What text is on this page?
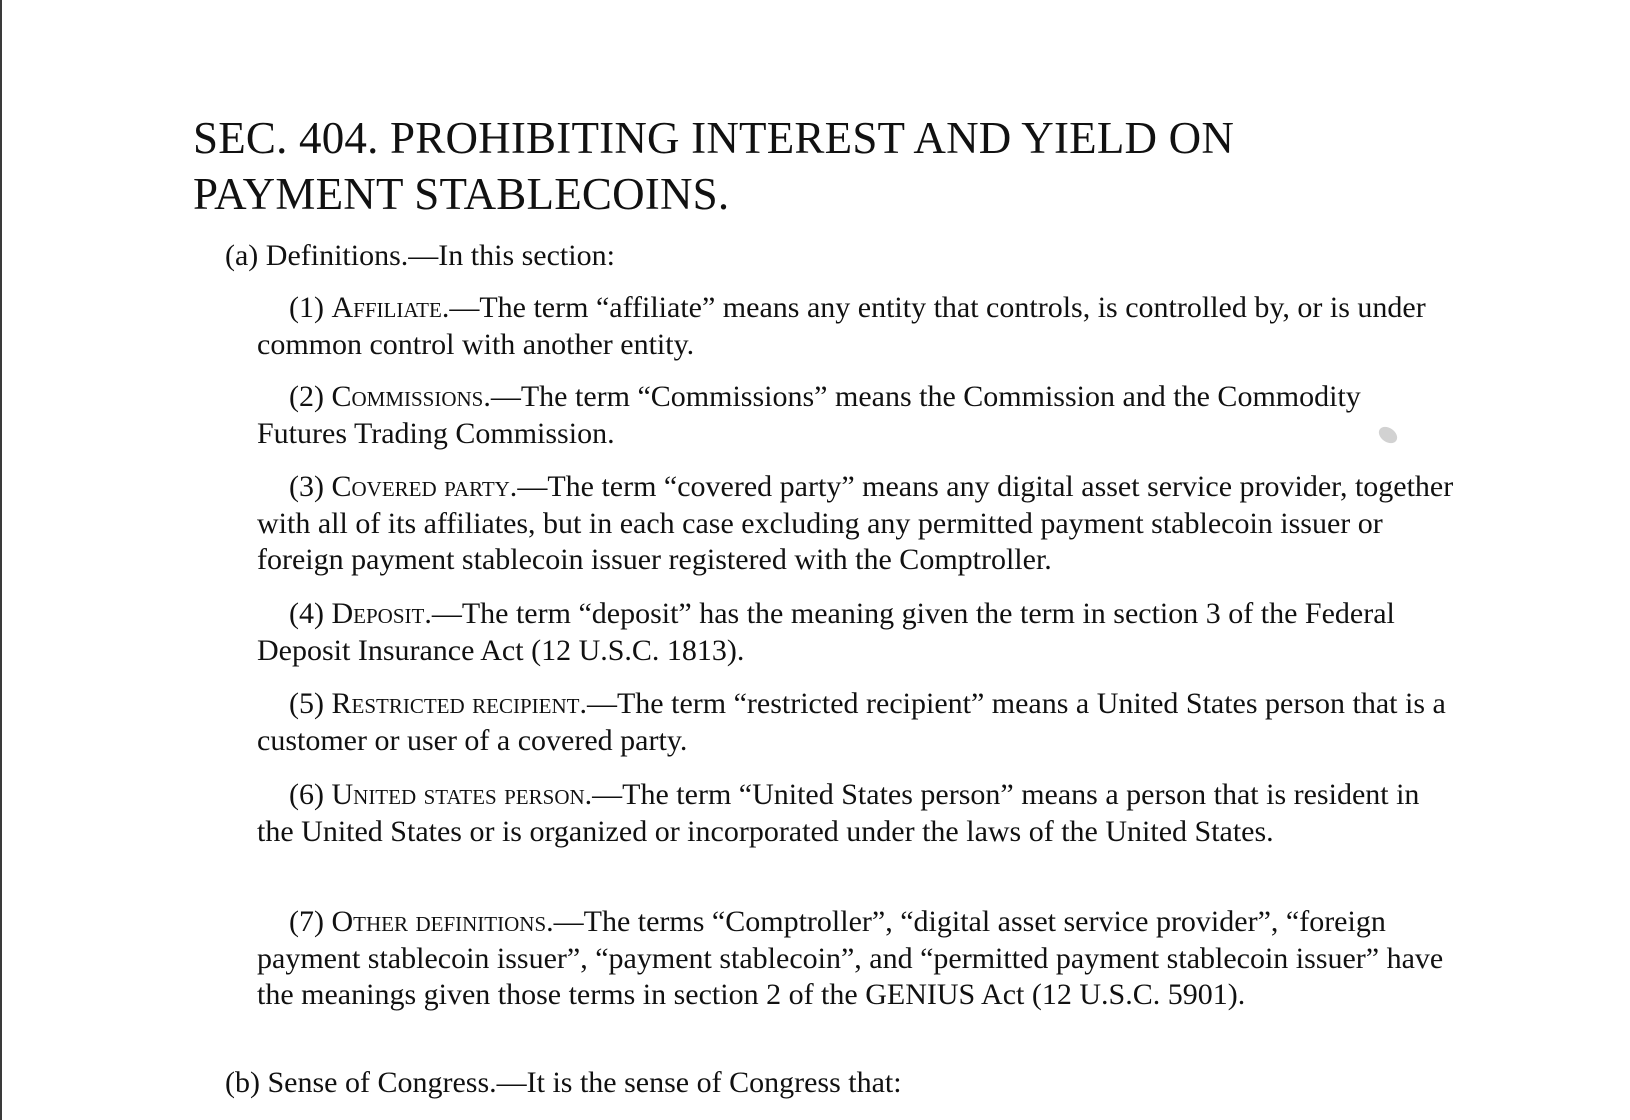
SEC. 404. PROHIBITING INTEREST AND YIELD ON PAYMENT STABLECOINS.

(a) Definitions.—In this section:

(1) Affiliate.—The term “affiliate” means any entity that controls, is controlled by, or is under common control with another entity.

(2) Commissions.—The term “Commissions” means the Commission and the Commodity Futures Trading Commission.

(3) Covered party.—The term “covered party” means any digital asset service provider, together with all of its affiliates, but in each case excluding any permitted payment stablecoin issuer or foreign payment stablecoin issuer registered with the Comptroller.

(4) Deposit.—The term “deposit” has the meaning given the term in section 3 of the Federal Deposit Insurance Act (12 U.S.C. 1813).

(5) Restricted recipient.—The term “restricted recipient” means a United States person that is a customer or user of a covered party.

(6) United states person.—The term “United States person” means a person that is resident in the United States or is organized or incorporated under the laws of the United States.

(7) Other definitions.—The terms “Comptroller”, “digital asset service provider”, “foreign payment stablecoin issuer”, “payment stablecoin”, and “permitted payment stablecoin issuer” have the meanings given those terms in section 2 of the GENIUS Act (12 U.S.C. 5901).

(b) Sense of Congress.—It is the sense of Congress that:
